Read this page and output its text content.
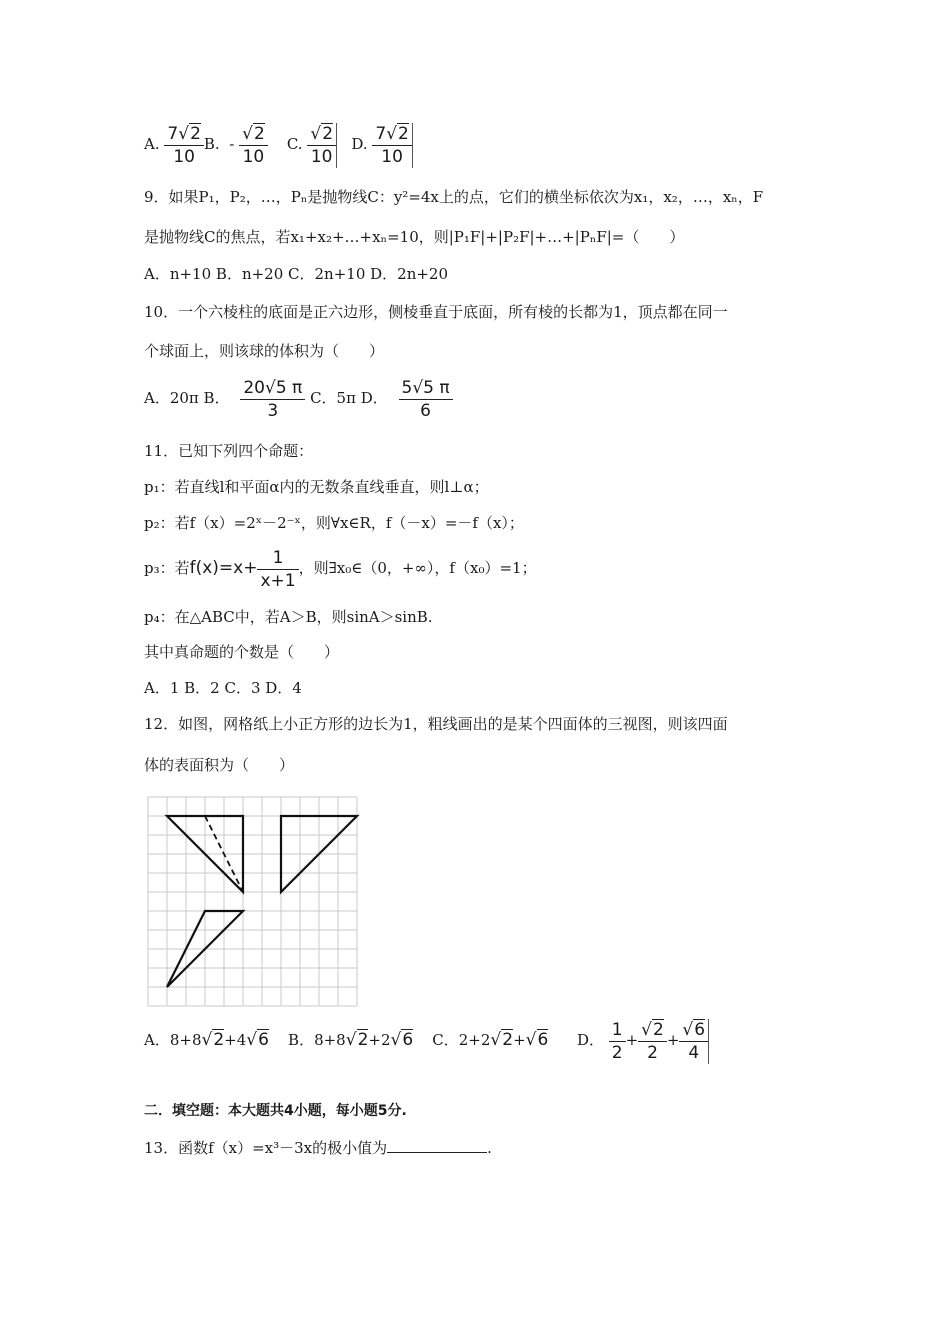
A. $\frac{7√2}{10} B$. - $\frac{√2}{10} C$. $\frac{√2}{10} D$. $\frac{7√2}{10}$
9．如果P₁，P₂，…，Pₙ是抛物线C：y²=4x上的点，它们的横坐标依次为x₁，x₂，…，xₙ，F
是抛物线C的焦点，若x₁+x₂+…+xₙ=10，则|P₁F|+|P₂F|+…+|PₙF|=（　　）
A．n+10 B．n+20 C．2n+10 D．2n+20
10．一个六棱柱的底面是正六边形，侧棱垂直于底面，所有棱的长都为1，顶点都在同一
个球面上，则该球的体积为（　　）
A．20π B． $\frac{20√5 \pi}{3}$ C．5π D． $\frac{5√5 \pi}{6}$
11．已知下列四个命题：
p₁：若直线l和平面α内的无数条直线垂直，则l⊥α；
p₂：若f（x）=2ˣ－2⁻ˣ，则∀x∈R，f（－x）=－f（x）；
p₃：若$f(x)=x+ \frac{1}{x+1}$ ，则∃x₀∈（0，+∞），f（x₀）=1；
p₄：在△ABC中，若A＞B，则sinA＞sinB.
其中真命题的个数是（　　）
A．1 B．2 C．3 D．4
12．如图，网格纸上小正方形的边长为1，粗线画出的是某个四面体的三视图，则该四面
体的表面积为（　　）
A．8+8√2+4√6 B．8+8√2+2√6 C．2+2√2+√6 D． $\frac{1}{2} + \frac{√2}{2} + \frac{√6}{4}$
二．填空题：本大题共4小题，每小题5分.
13．函数f（x）=x³－3x的极小值为	.
